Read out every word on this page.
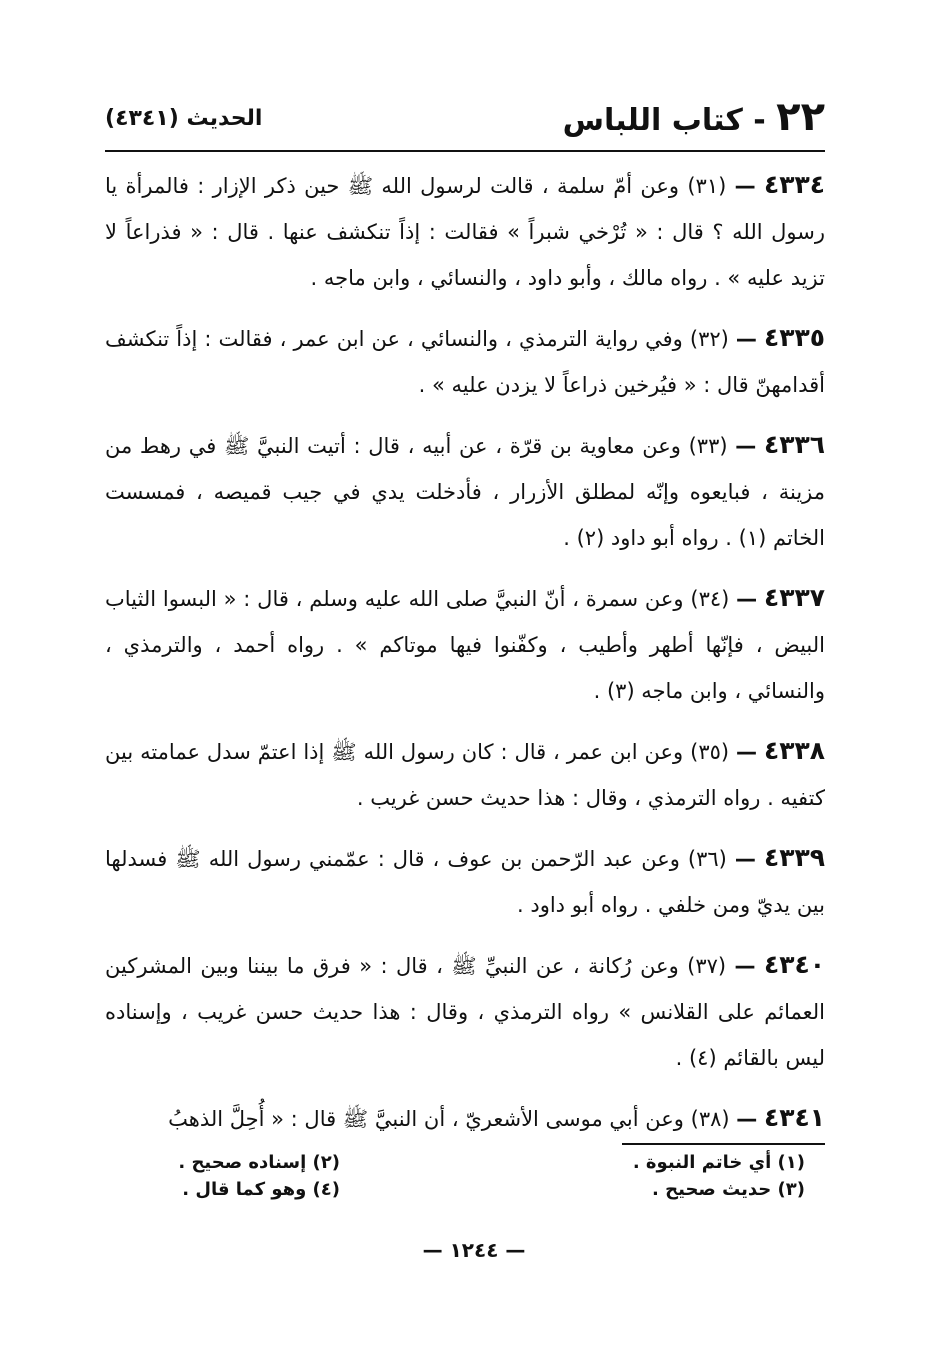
٢٢ - كتاب اللباس
الحديث (٤٣٤١)

٤٣٣٤ — (٣١) وعن أمّ سلمة ، قالت لرسول الله ﷺ حين ذكر الإزار : فالمرأة يا رسول الله ؟ قال : « تُرْخي شبراً » فقالت : إذاً تنكشف عنها . قال : « فذراعاً لا تزيد عليه » . رواه مالك ، وأبو داود ، والنسائي ، وابن ماجه .

٤٣٣٥ — (٣٢) وفي رواية الترمذي ، والنسائي ، عن ابن عمر ، فقالت : إذاً تنكشف أقدامهنّ قال : « فيُرخين ذراعاً لا يزدن عليه » .

٤٣٣٦ — (٣٣) وعن معاوية بن قرّة ، عن أبيه ، قال : أتيت النبيَّ ﷺ في رهط من مزينة ، فبايعوه وإنّه لمطلق الأزرار ، فأدخلت يدي في جيب قميصه ، فمسست الخاتم (١) . رواه أبو داود (٢) .

٤٣٣٧ — (٣٤) وعن سمرة ، أنّ النبيَّ صلى الله عليه وسلم ، قال : « البسوا الثياب البيض ، فإنّها أطهر وأطيب ، وكفّنوا فيها موتاكم » . رواه أحمد ، والترمذي ، والنسائي ، وابن ماجه (٣) .

٤٣٣٨ — (٣٥) وعن ابن عمر ، قال : كان رسول الله ﷺ إذا اعتمّ سدل عمامته بين كتفيه . رواه الترمذي ، وقال : هذا حديث حسن غريب .

٤٣٣٩ — (٣٦) وعن عبد الرّحمن بن عوف ، قال : عمّمني رسول الله ﷺ فسدلها بين يديّ ومن خلفي . رواه أبو داود .

٤٣٤٠ — (٣٧) وعن رُكانة ، عن النبيِّ ﷺ ، قال : « فرق ما بيننا وبين المشركين العمائم على القلانس » رواه الترمذي ، وقال : هذا حديث حسن غريب ، وإسناده ليس بالقائم (٤) .

٤٣٤١ — (٣٨) وعن أبي موسى الأشعريّ ، أن النبيَّ ﷺ قال : « أُحِلَّ الذهبُ

(١) أي خاتم النبوة .
(٢) إسناده صحيح .
(٣) حديث صحيح .
(٤) وهو كما قال .
— ١٢٤٤ —
